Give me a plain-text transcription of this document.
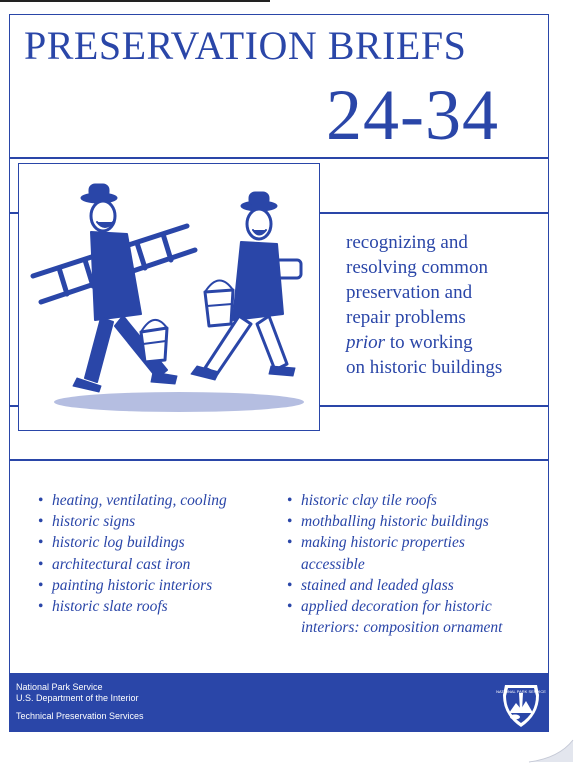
PRESERVATION BRIEFS
24-34
recognizing and
resolving common
preservation and
repair problems
prior to working
on historic buildings
• heating, ventilating, cooling
• historic signs
• historic log buildings
• architectural cast iron
• painting historic interiors
• historic slate roofs
• historic clay tile roofs
• mothballing historic buildings
• making historic properties
accessible
• stained and leaded glass
• applied decoration for historic
interiors: composition ornament
National Park Service
U.S. Department of the Interior
Technical Preservation Services
NATIONAL PARK SERVICE
